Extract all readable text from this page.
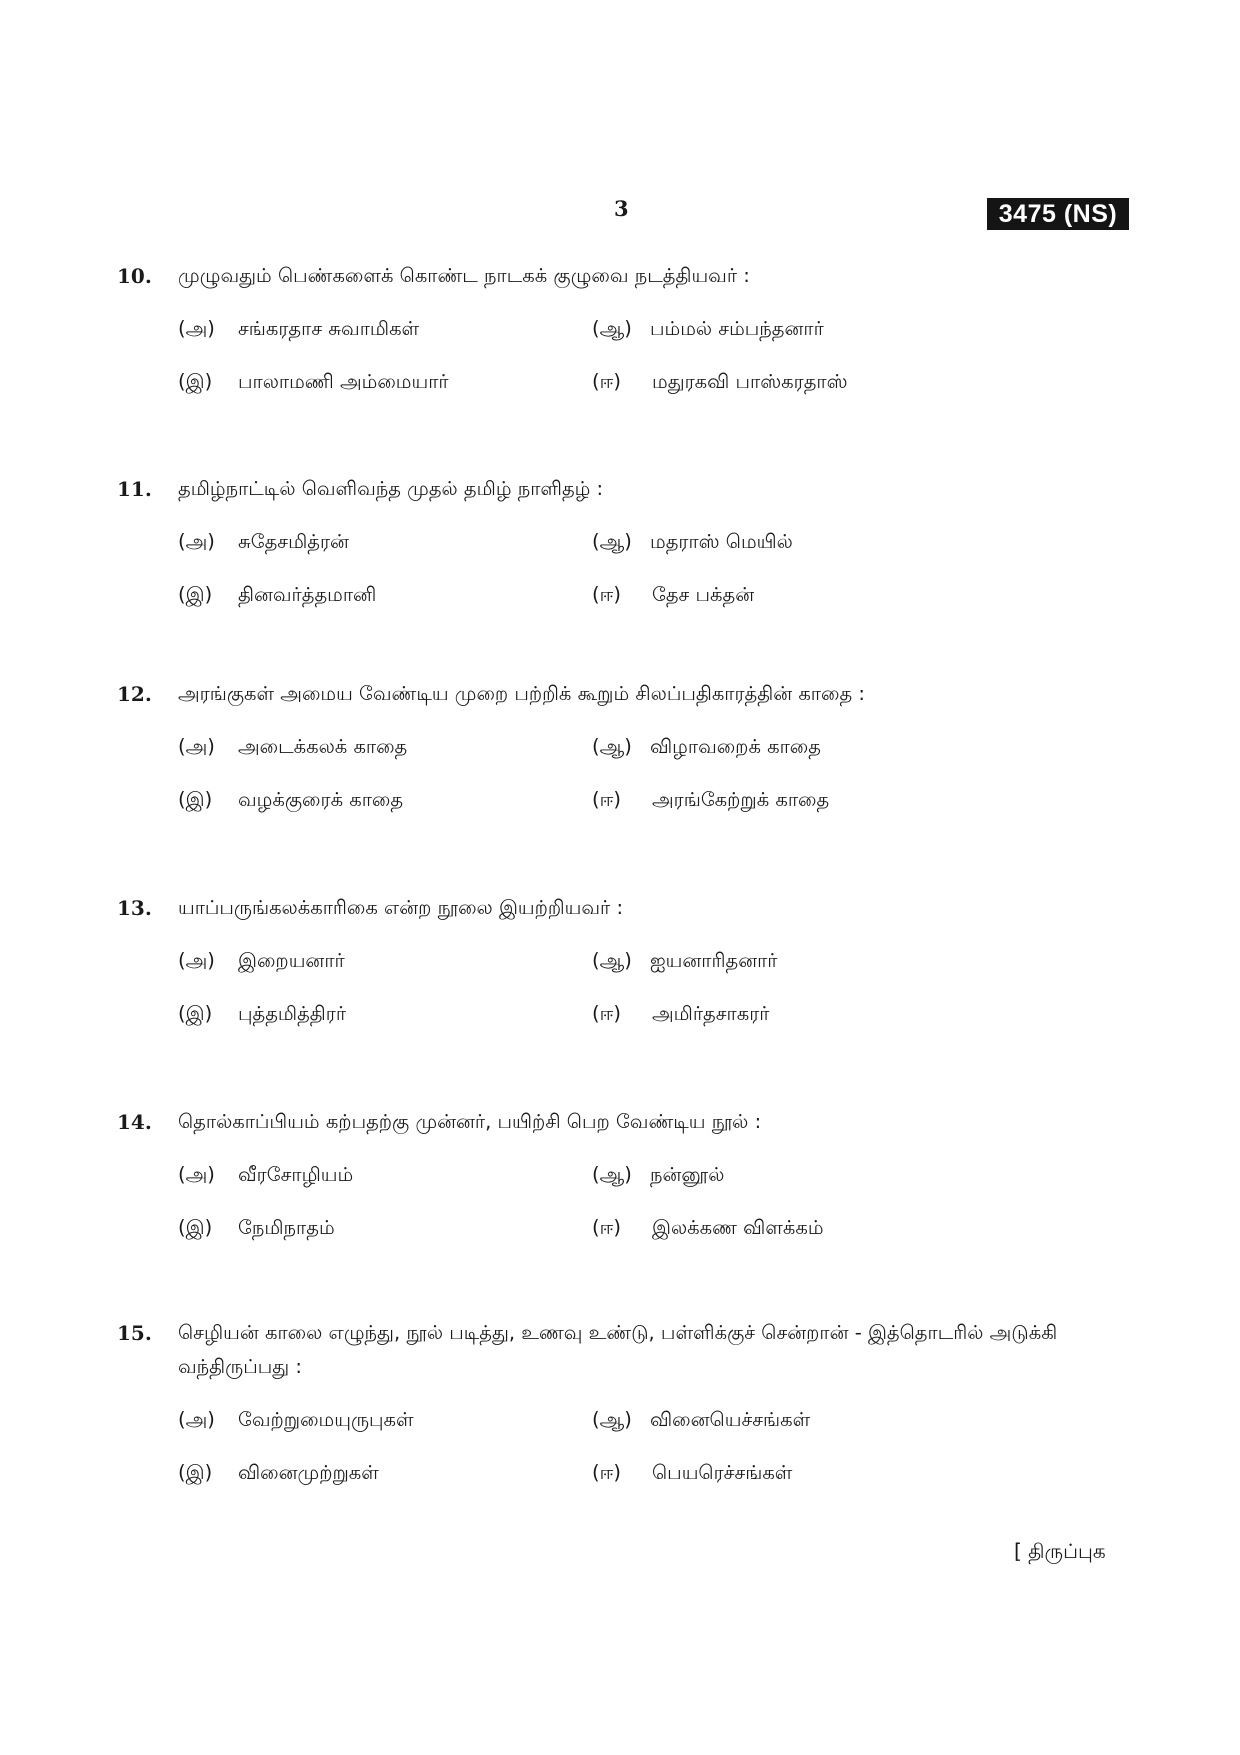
3	3475 (NS)
10. முழுவதும் பெண்களைக் கொண்ட நாடகக் குழுவை நடத்தியவர் :
(அ) சங்கரதாச சுவாமிகள்	(ஆ) பம்மல் சம்பந்தனார்
(இ) பாலாமணி அம்மையார்	(ஈ) மதுரகவி பாஸ்கரதாஸ்
11. தமிழ்நாட்டில் வெளிவந்த முதல் தமிழ் நாளிதழ் :
(அ) சுதேசமித்ரன்	(ஆ) மதராஸ் மெயில்
(இ) தினவர்த்தமானி	(ஈ) தேச பக்தன்
12. அரங்குகள் அமைய வேண்டிய முறை பற்றிக் கூறும் சிலப்பதிகாரத்தின் காதை :
(அ) அடைக்கலக் காதை	(ஆ) விழாவறைக் காதை
(இ) வழக்குரைக் காதை	(ஈ) அரங்கேற்றுக் காதை
13. யாப்பருங்கலக்காரிகை என்ற நூலை இயற்றியவர் :
(அ) இறையனார்	(ஆ) ஐயனாரிதனார்
(இ) புத்தமித்திரர்	(ஈ) அமிர்தசாகரர்
14. தொல்காப்பியம் கற்பதற்கு முன்னர், பயிற்சி பெற வேண்டிய நூல் :
(அ) வீரசோழியம்	(ஆ) நன்னூல்
(இ) நேமிநாதம்	(ஈ) இலக்கண விளக்கம்
15. செழியன் காலை எழுந்து, நூல் படித்து, உணவு உண்டு, பள்ளிக்குச் சென்றான் - இத்தொடரில் அடுக்கி வந்திருப்பது :
(அ) வேற்றுமையுருபுகள்	(ஆ) வினையெச்சங்கள்
(இ) வினைமுற்றுகள்	(ஈ) பெயரெச்சங்கள்
[ திருப்புக
